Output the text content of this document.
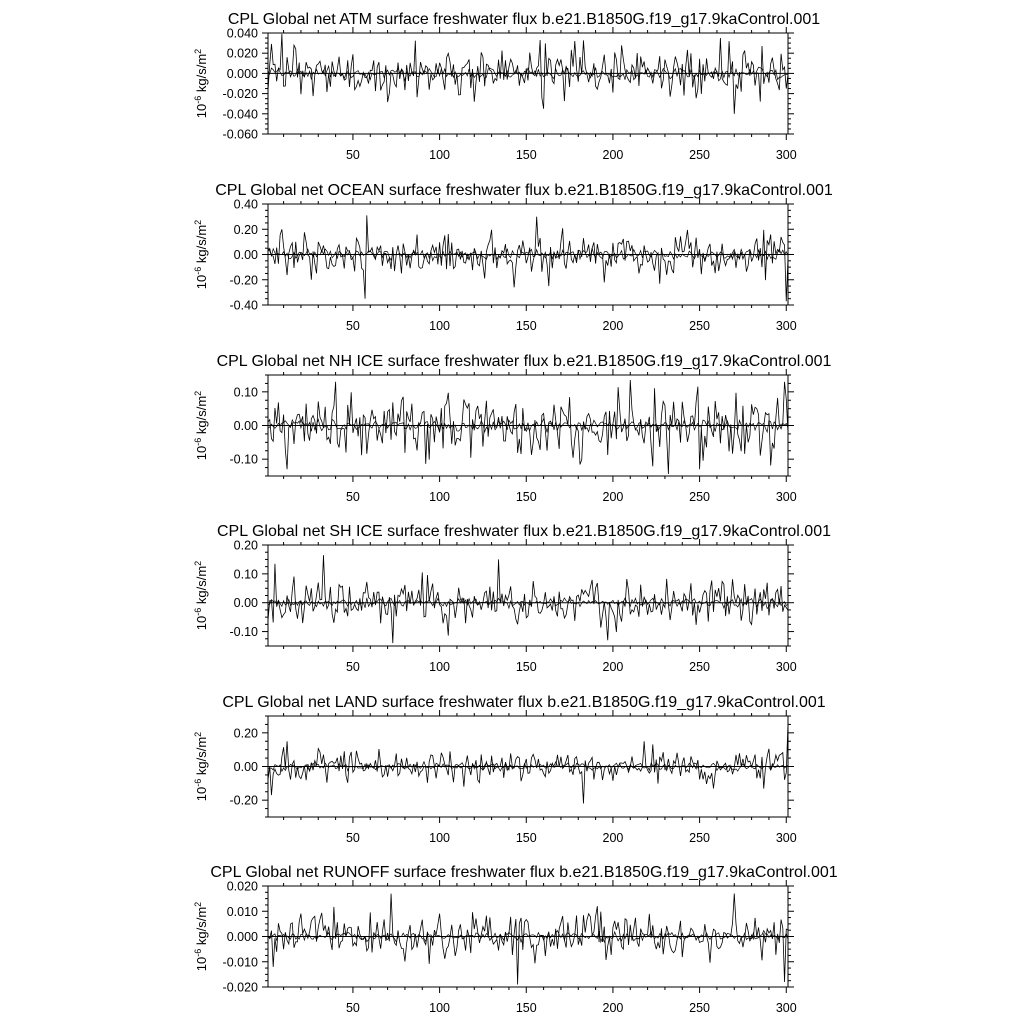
CPL Global net ATM surface freshwater flux b.e21.B1850G.f19_g17.9kaControl.001
$10^{-6}$ $kg/s/m^2$
50	100	150	200	250	300
-0.060
-0.040
-0.020
0.000
0.020
0.040
CPL Global net OCEAN surface freshwater flux b.e21.B1850G.f19_g17.9kaControl.001
$10^{-6}$ $kg/s/m^2$
50	100	150	200	250	300
-0.40
-0.20
0.00
0.20
0.40
CPL Global net NH ICE surface freshwater flux b.e21.B1850G.f19_g17.9kaControl.001
$10^{-6}$ $kg/s/m^2$
50	100	150	200	250	300
-0.10
0.00
0.10
CPL Global net SH ICE surface freshwater flux b.e21.B1850G.f19_g17.9kaControl.001
$10^{-6}$ $kg/s/m^2$
50	100	150	200	250	300
-0.10
0.00
0.10
0.20
CPL Global net LAND surface freshwater flux b.e21.B1850G.f19_g17.9kaControl.001
$10^{-6}$ $kg/s/m^2$
50	100	150	200	250	300
-0.20
0.00
0.20
CPL Global net RUNOFF surface freshwater flux b.e21.B1850G.f19_g17.9kaControl.001
$10^{-6}$ $kg/s/m^2$
50	100	150	200	250	300
-0.020
-0.010
0.000
0.010
0.020
